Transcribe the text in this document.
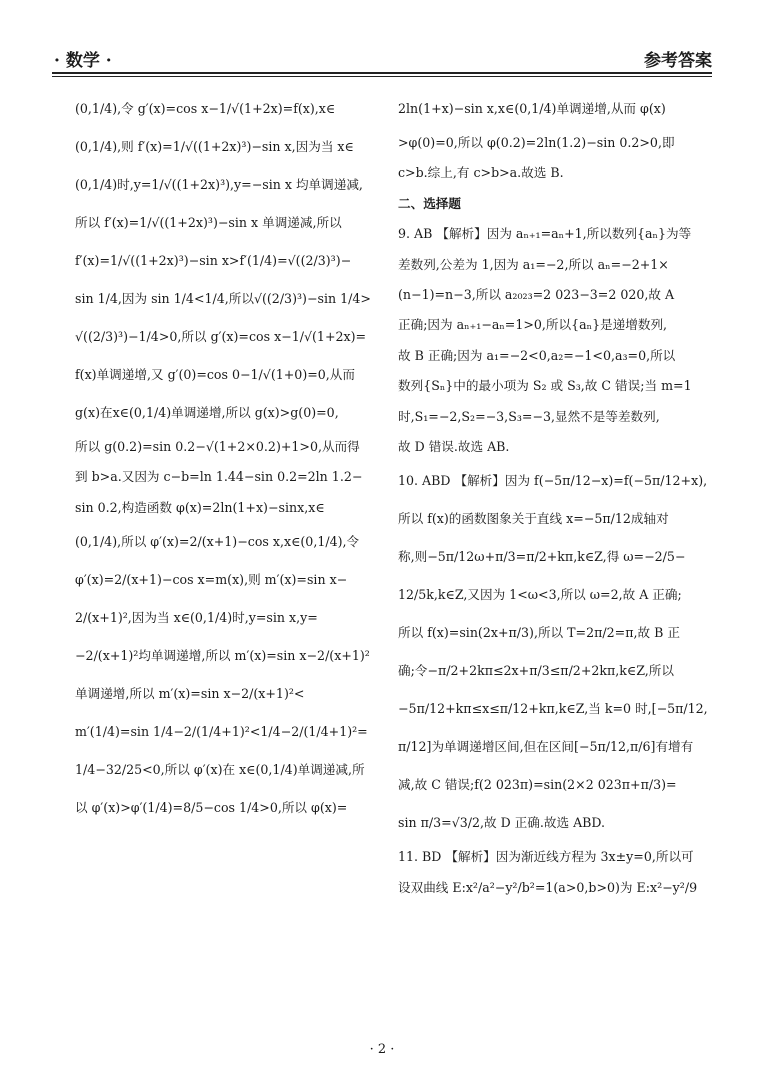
· 数学 ·	参考答案
(0,1/4),令 g′(x)=cos x−1/√(1+2x)=f(x),x∈
(0,1/4),则 f′(x)=1/√((1+2x)³)−sin x,因为当 x∈
(0,1/4)时,y=1/√((1+2x)³),y=−sin x 均单调递减,
所以 f′(x)=1/√((1+2x)³)−sin x 单调递减,所以
f′(x)=1/√((1+2x)³)−sin x>f′(1/4)=√((2/3)³)−
sin 1/4,因为 sin 1/4<1/4,所以√((2/3)³)−sin 1/4>
√((2/3)³)−1/4>0,所以 g′(x)=cos x−1/√(1+2x)=
f(x)单调递增,又 g′(0)=cos 0−1/√(1+0)=0,从而
g(x)在x∈(0,1/4)单调递增,所以 g(x)>g(0)=0,
所以 g(0.2)=sin 0.2−√(1+2×0.2)+1>0,从而得
到 b>a.又因为 c−b=ln 1.44−sin 0.2=2ln 1.2−
sin 0.2,构造函数 φ(x)=2ln(1+x)−sinx,x∈
(0,1/4),所以 φ′(x)=2/(x+1)−cos x,x∈(0,1/4),令
φ′(x)=2/(x+1)−cos x=m(x),则 m′(x)=sin x−
2/(x+1)²,因为当 x∈(0,1/4)时,y=sin x,y=
−2/(x+1)²均单调递增,所以 m′(x)=sin x−2/(x+1)²
单调递增,所以 m′(x)=sin x−2/(x+1)²<
m′(1/4)=sin 1/4−2/(1/4+1)²<1/4−2/(1/4+1)²=
1/4−32/25<0,所以 φ′(x)在 x∈(0,1/4)单调递减,所
以 φ′(x)>φ′(1/4)=8/5−cos 1/4>0,所以 φ(x)=
2ln(1+x)−sin x,x∈(0,1/4)单调递增,从而 φ(x)
>φ(0)=0,所以 φ(0.2)=2ln(1.2)−sin 0.2>0,即
c>b.综上,有 c>b>a.故选 B.
二、选择题
9. AB 【解析】因为 aₙ₊₁=aₙ+1,所以数列{aₙ}为等
差数列,公差为 1,因为 a₁=−2,所以 aₙ=−2+1×
(n−1)=n−3,所以 a₂₀₂₃=2 023−3=2 020,故 A
正确;因为 aₙ₊₁−aₙ=1>0,所以{aₙ}是递增数列,
故 B 正确;因为 a₁=−2<0,a₂=−1<0,a₃=0,所以
数列{Sₙ}中的最小项为 S₂ 或 S₃,故 C 错误;当 m=1
时,S₁=−2,S₂=−3,S₃=−3,显然不是等差数列,
故 D 错误.故选 AB.
10. ABD 【解析】因为 f(−5π/12−x)=f(−5π/12+x),
所以 f(x)的函数图象关于直线 x=−5π/12成轴对
称,则−5π/12ω+π/3=π/2+kπ,k∈Z,得 ω=−2/5−
12/5k,k∈Z,又因为 1<ω<3,所以 ω=2,故 A 正确;
所以 f(x)=sin(2x+π/3),所以 T=2π/2=π,故 B 正
确;令−π/2+2kπ≤2x+π/3≤π/2+2kπ,k∈Z,所以
−5π/12+kπ≤x≤π/12+kπ,k∈Z,当 k=0 时,[−5π/12,
π/12]为单调递增区间,但在区间[−5π/12,π/6]有增有
减,故 C 错误;f(2 023π)=sin(2×2 023π+π/3)=
sin π/3=√3/2,故 D 正确.故选 ABD.
11. BD 【解析】因为渐近线方程为 3x±y=0,所以可
设双曲线 E:x²/a²−y²/b²=1(a>0,b>0)为 E:x²−y²/9
· 2 ·
